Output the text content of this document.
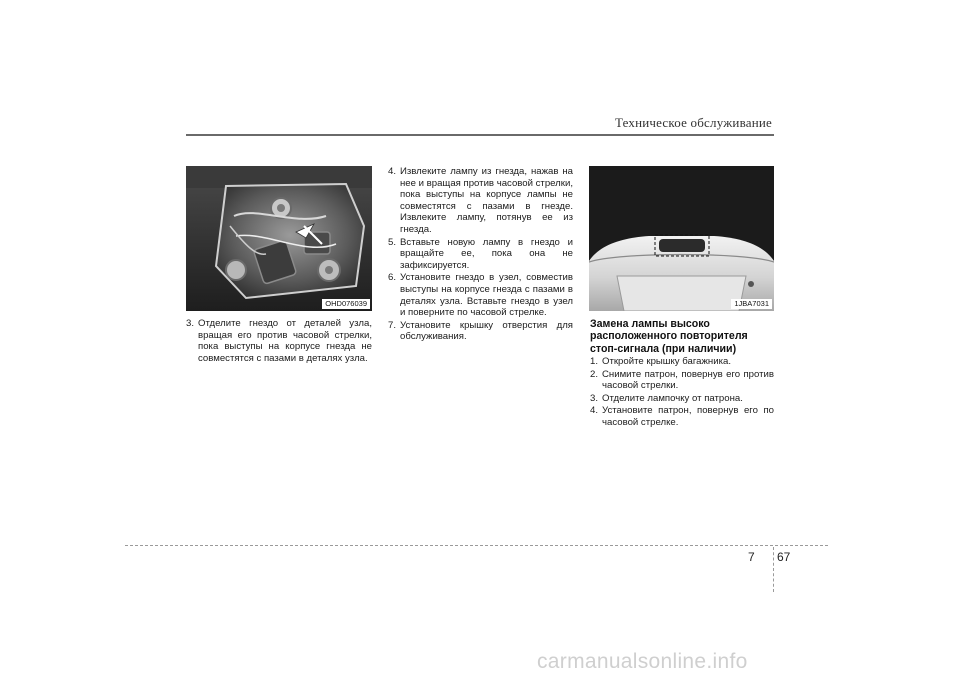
Техническое обслуживание
OHD076039	1JBA7031
3. Отделите гнездо от деталей узла, вращая его против часовой стрелки, пока выступы на корпусе гнезда не совместятся с пазами в деталях узла.
4. Извлеките лампу из гнезда, нажав на нее и вращая против часовой стрелки, пока выступы на корпусе лампы не совместятся с пазами в гнезде. Извлеките лампу, потянув ее из гнезда.
5. Вставьте новую лампу в гнездо и вращайте ее, пока она не зафиксируется.
6. Установите гнездо в узел, совместив выступы на корпусе гнезда с пазами в деталях узла. Вставьте гнездо в узел и поверните по часовой стрелке.
7. Установите крышку отверстия для обслуживания.
Замена лампы высоко расположенного повторителя стоп-сигнала (при наличии)
1. Откройте крышку багажника.
2. Снимите патрон, повернув его против часовой стрелки.
3. Отделите лампочку от патрона.
4. Установите патрон, повернув его по часовой стрелке.
7 67
carmanualsonline.info
